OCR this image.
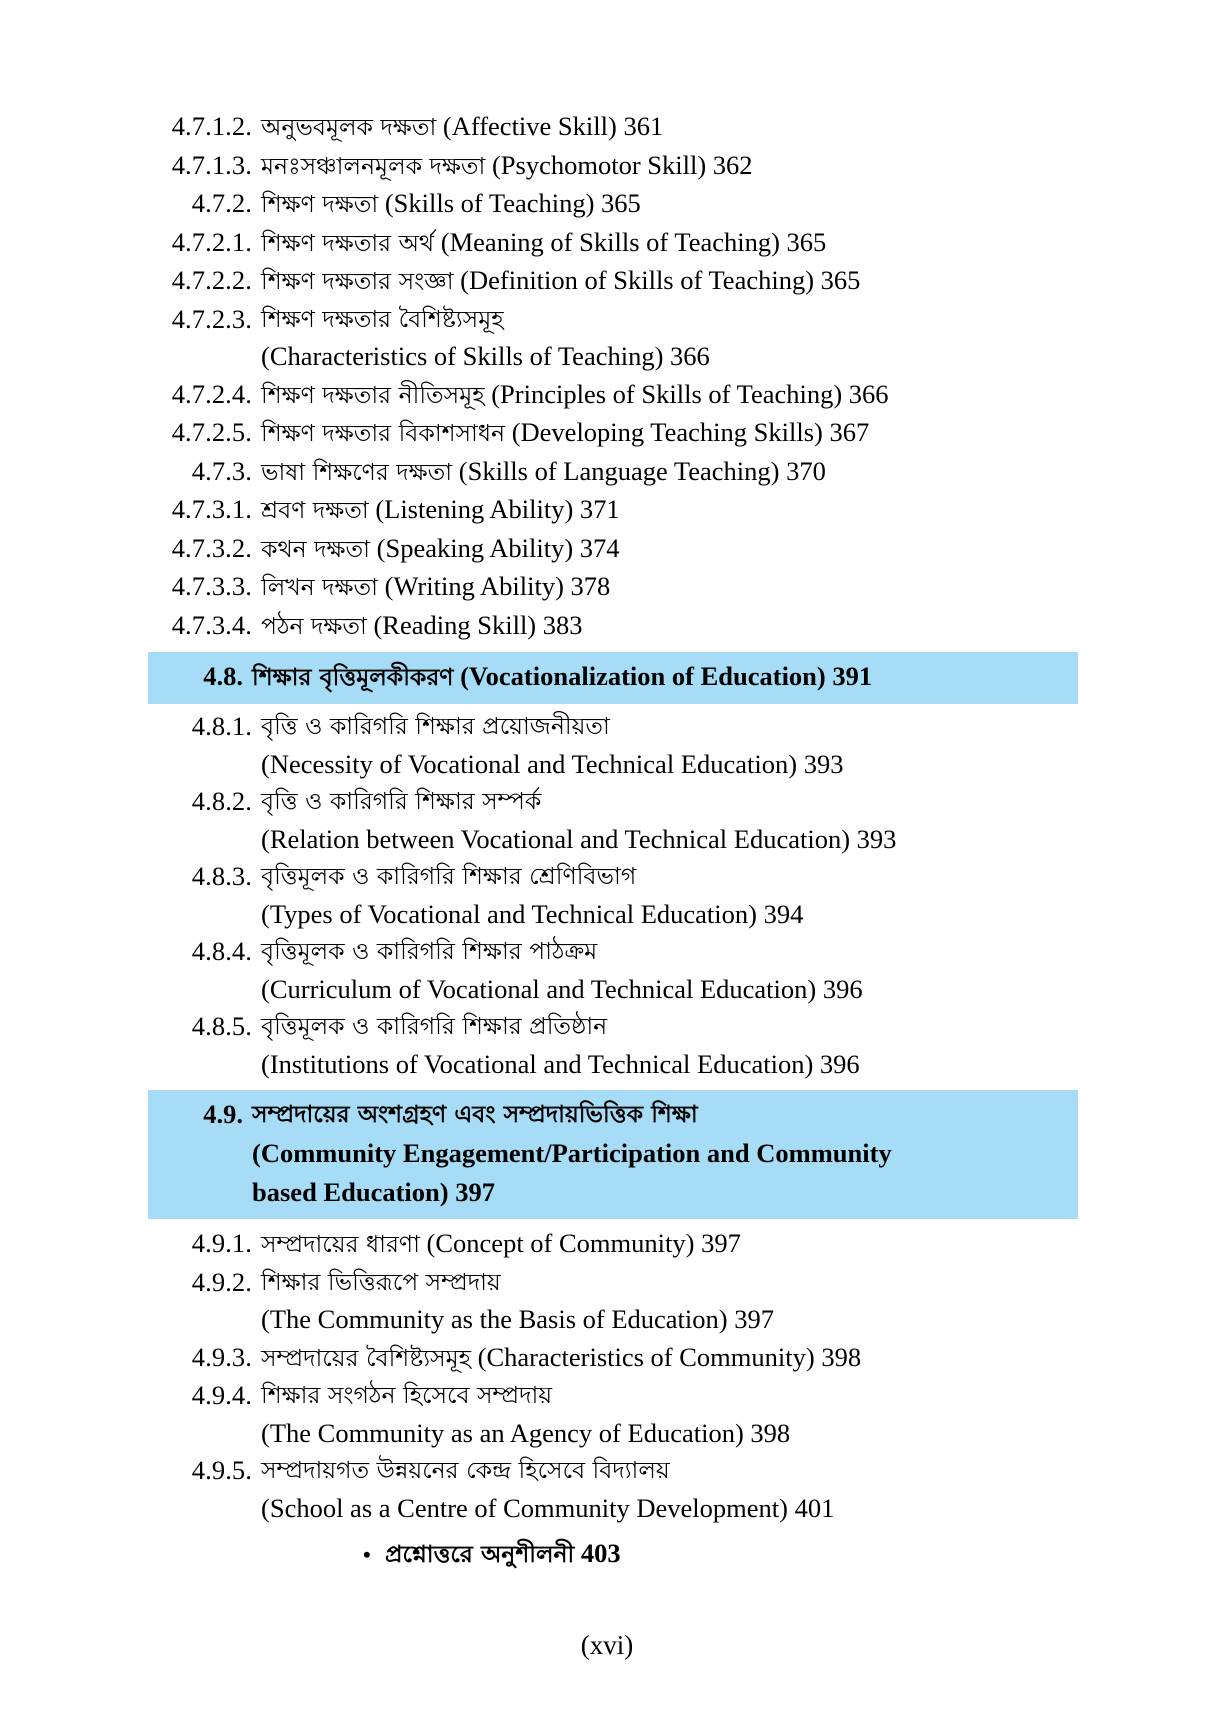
4.7.1.2. অনুভবমূলক দক্ষতা (Affective Skill) 361
4.7.1.3. মনঃসঞ্চালনমূলক দক্ষতা (Psychomotor Skill) 362
4.7.2. শিক্ষণ দক্ষতা (Skills of Teaching) 365
4.7.2.1. শিক্ষণ দক্ষতার অর্থ (Meaning of Skills of Teaching) 365
4.7.2.2. শিক্ষণ দক্ষতার সংজ্ঞা (Definition of Skills of Teaching) 365
4.7.2.3. শিক্ষণ দক্ষতার বৈশিষ্ট্যসমূহ
(Characteristics of Skills of Teaching) 366
4.7.2.4. শিক্ষণ দক্ষতার নীতিসমূহ (Principles of Skills of Teaching) 366
4.7.2.5. শিক্ষণ দক্ষতার বিকাশসাধন (Developing Teaching Skills) 367
4.7.3. ভাষা শিক্ষণের দক্ষতা (Skills of Language Teaching) 370
4.7.3.1. শ্রবণ দক্ষতা (Listening Ability) 371
4.7.3.2. কথন দক্ষতা (Speaking Ability) 374
4.7.3.3. লিখন দক্ষতা (Writing Ability) 378
4.7.3.4. পঠন দক্ষতা (Reading Skill) 383
4.8. শিক্ষার বৃত্তিমূলকীকরণ (Vocationalization of Education) 391
4.8.1. বৃত্তি ও কারিগরি শিক্ষার প্রয়োজনীয়তা
(Necessity of Vocational and Technical Education) 393
4.8.2. বৃত্তি ও কারিগরি শিক্ষার সম্পর্ক
(Relation between Vocational and Technical Education) 393
4.8.3. বৃত্তিমূলক ও কারিগরি শিক্ষার শ্রেণিবিভাগ
(Types of Vocational and Technical Education) 394
4.8.4. বৃত্তিমূলক ও কারিগরি শিক্ষার পাঠক্রম
(Curriculum of Vocational and Technical Education) 396
4.8.5. বৃত্তিমূলক ও কারিগরি শিক্ষার প্রতিষ্ঠান
(Institutions of Vocational and Technical Education) 396
4.9. সম্প্রদায়ের অংশগ্রহণ এবং সম্প্রদায়ভিত্তিক শিক্ষা
(Community Engagement/Participation and Community
based Education) 397
4.9.1. সম্প্রদায়ের ধারণা (Concept of Community) 397
4.9.2. শিক্ষার ভিত্তিরূপে সম্প্রদায়
(The Community as the Basis of Education) 397
4.9.3. সম্প্রদায়ের বৈশিষ্ট্যসমূহ (Characteristics of Community) 398
4.9.4. শিক্ষার সংগঠন হিসেবে সম্প্রদায়
(The Community as an Agency of Education) 398
4.9.5. সম্প্রদায়গত উন্নয়নের কেন্দ্র হিসেবে বিদ্যালয়
(School as a Centre of Community Development) 401
• প্রশ্নোত্তরে অনুশীলনী 403
(xvi)
